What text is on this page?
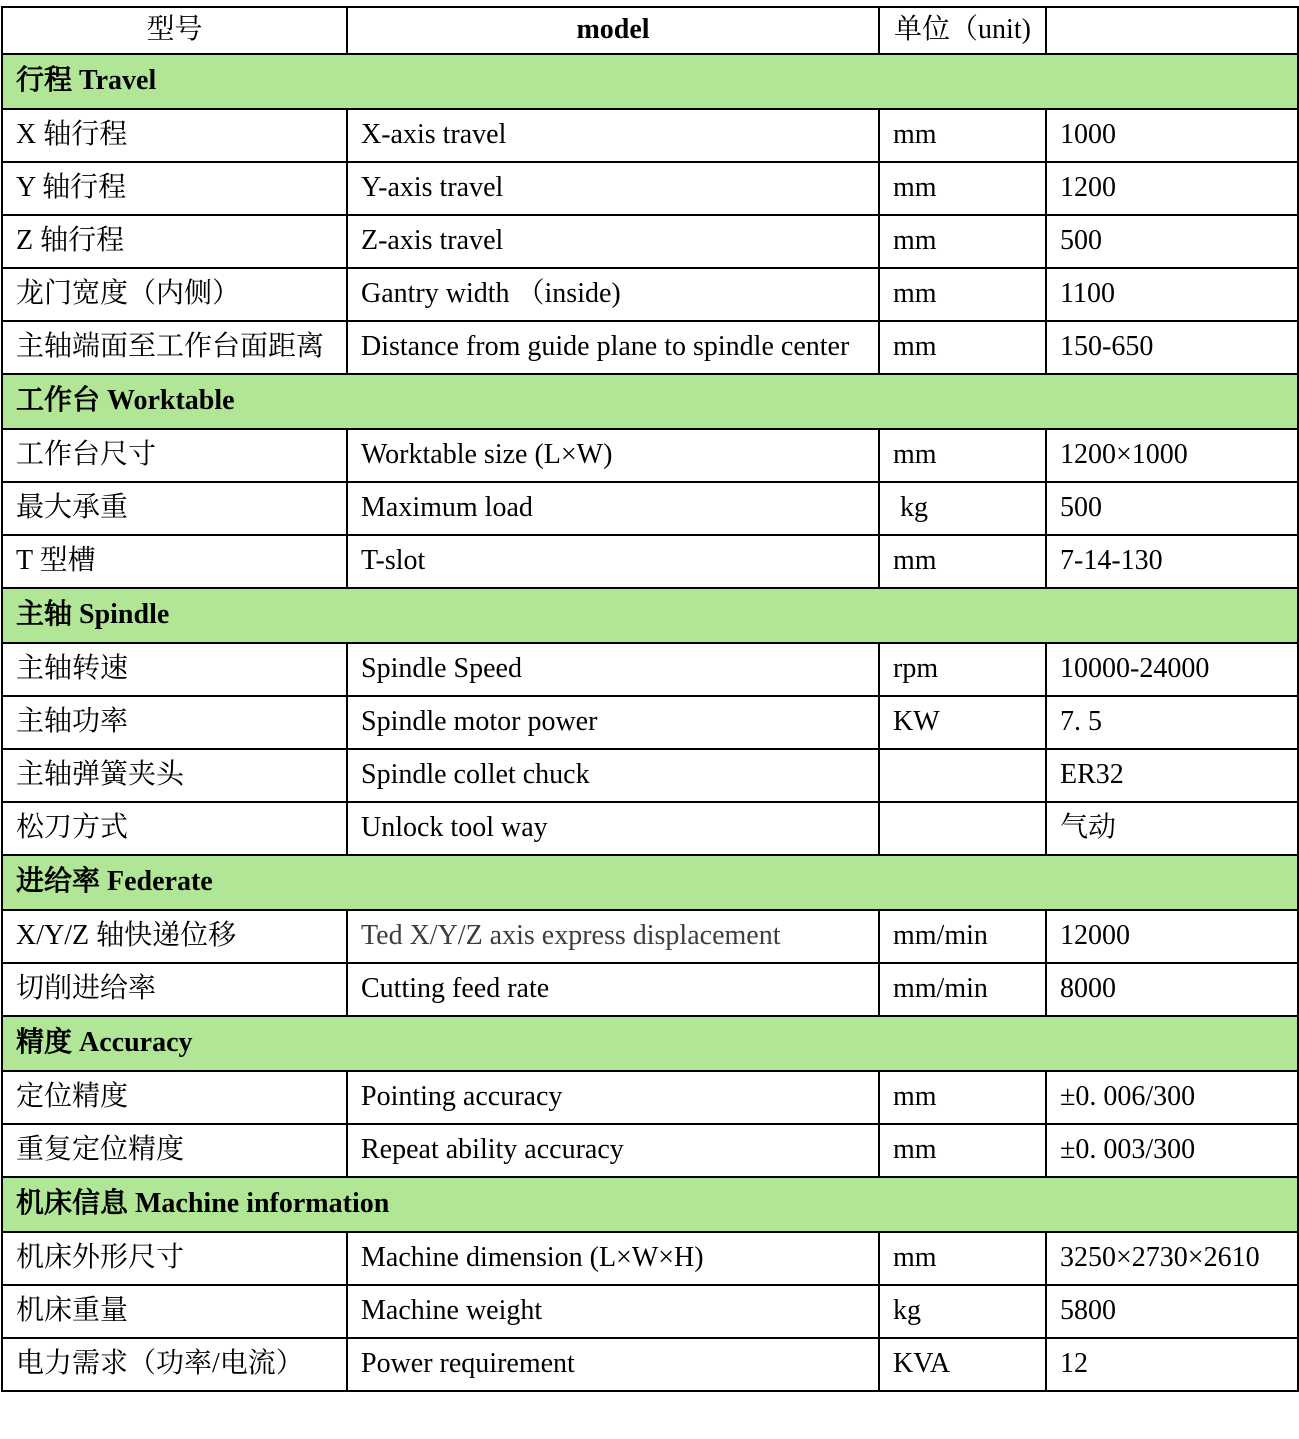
型号	model	单位（unit)	
行程 Travel			
X 轴行程	X-axis travel	mm	1000
Y 轴行程	Y-axis travel	mm	1200
Z 轴行程	Z-axis travel	mm	500
龙门宽度（内侧）	Gantry width （inside)	mm	1100
主轴端面至工作台面距离	Distance from guide plane to spindle center	mm	150-650
工作台 Worktable			
工作台尺寸	Worktable size (L×W)	mm	1200×1000
最大承重	Maximum load	kg	500
T 型槽	T-slot	mm	7-14-130
主轴 Spindle			
主轴转速	Spindle Speed	rpm	10000-24000
主轴功率	Spindle motor power	KW	7. 5
主轴弹簧夹头	Spindle collet chuck		ER32
松刀方式	Unlock tool way		气动
进给率 Federate			
X/Y/Z 轴快递位移	Ted X/Y/Z axis express displacement	mm/min	12000
切削进给率	Cutting feed rate	mm/min	8000
精度 Accuracy			
定位精度	Pointing accuracy	mm	±0. 006/300
重复定位精度	Repeat ability accuracy	mm	±0. 003/300
机床信息 Machine information			
机床外形尺寸	Machine dimension (L×W×H)	mm	3250×2730×2610
机床重量	Machine weight	kg	5800
电力需求（功率/电流）	Power requirement	KVA	12
